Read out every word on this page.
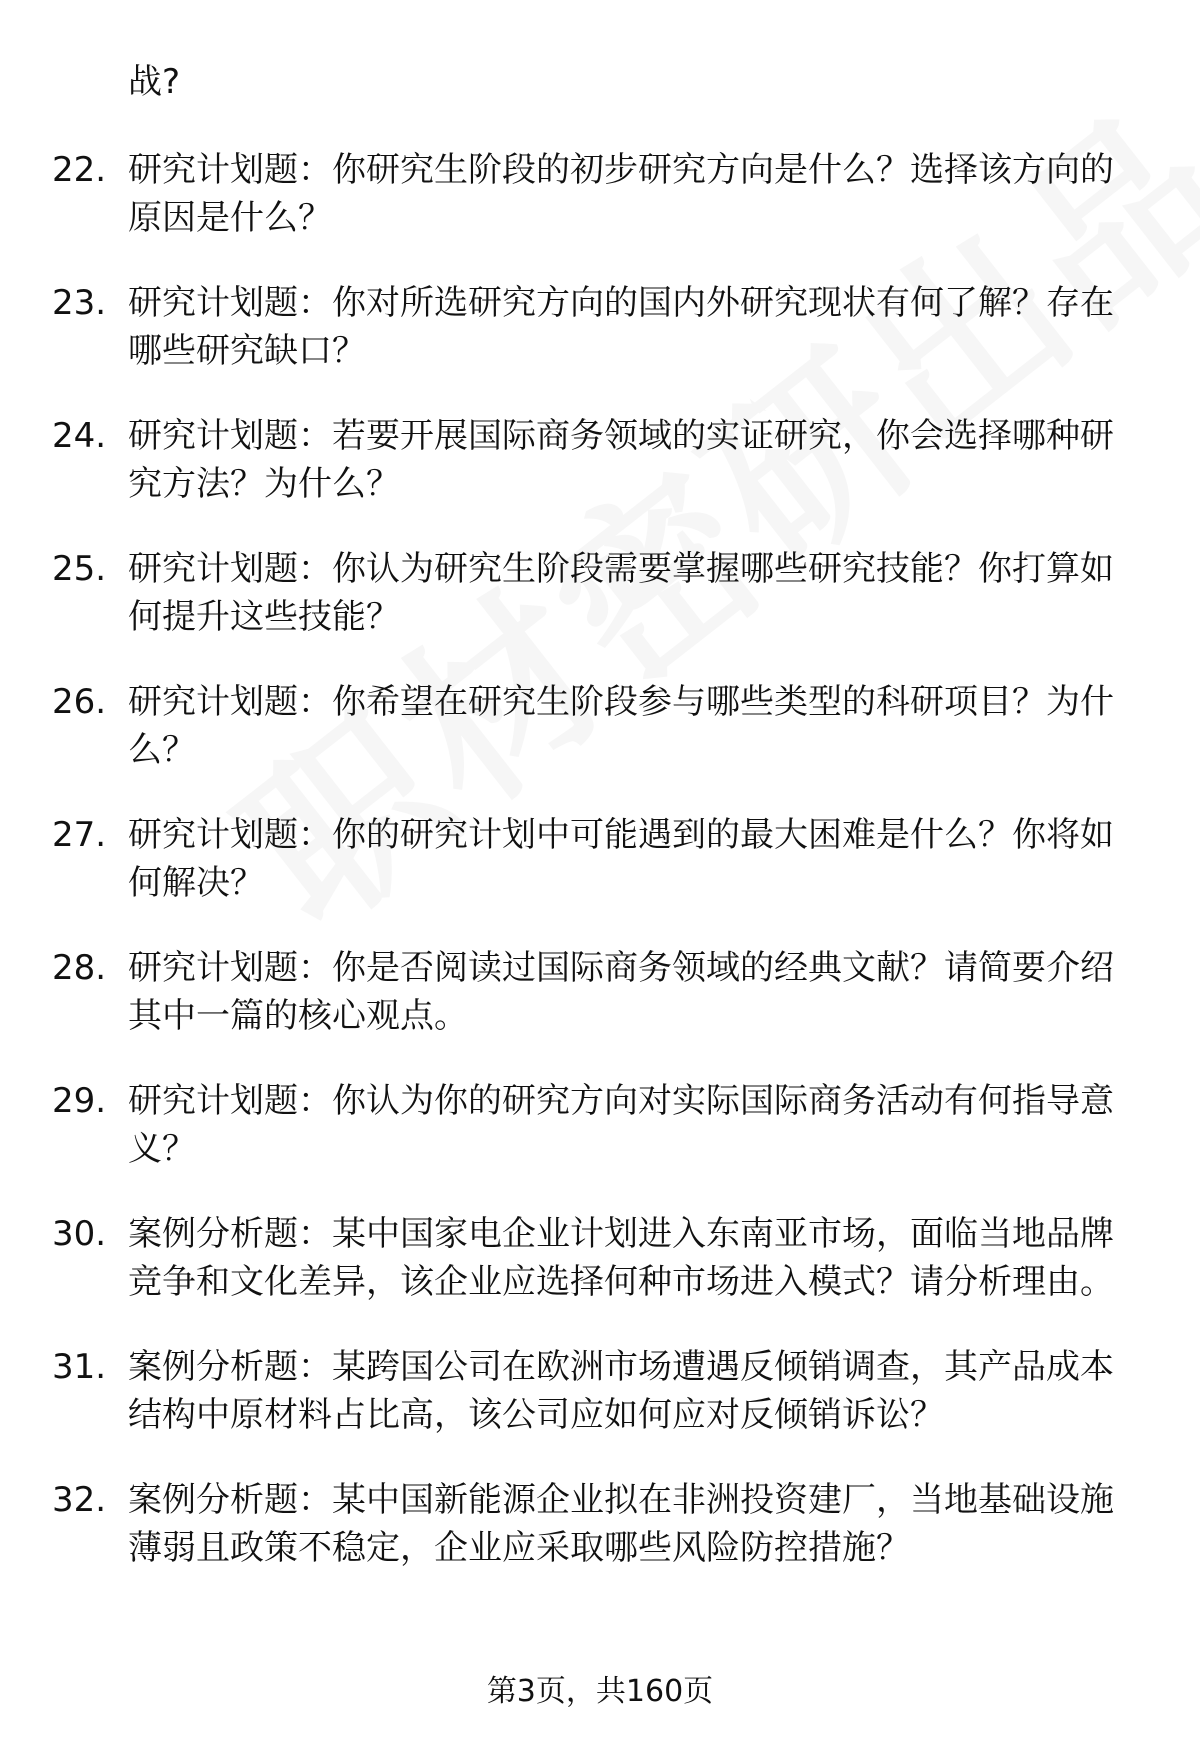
战?
22. 研究计划题：你研究生阶段的初步研究方向是什么？选择该方向的原因是什么？
23. 研究计划题：你对所选研究方向的国内外研究现状有何了解？存在哪些研究缺口？
24. 研究计划题：若要开展国际商务领域的实证研究，你会选择哪种研究方法？为什么？
25. 研究计划题：你认为研究生阶段需要掌握哪些研究技能？你打算如何提升这些技能？
26. 研究计划题：你希望在研究生阶段参与哪些类型的科研项目？为什么？
27. 研究计划题：你的研究计划中可能遇到的最大困难是什么？你将如何解决？
28. 研究计划题：你是否阅读过国际商务领域的经典文献？请简要介绍其中一篇的核心观点。
29. 研究计划题：你认为你的研究方向对实际国际商务活动有何指导意义？
30. 案例分析题：某中国家电企业计划进入东南亚市场，面临当地品牌竞争和文化差异，该企业应选择何种市场进入模式？请分析理由。
31. 案例分析题：某跨国公司在欧洲市场遭遇反倾销调查，其产品成本结构中原材料占比高，该公司应如何应对反倾销诉讼？
32. 案例分析题：某中国新能源企业拟在非洲投资建厂，当地基础设施薄弱且政策不稳定，企业应采取哪些风险防控措施？
第3页，共160页
